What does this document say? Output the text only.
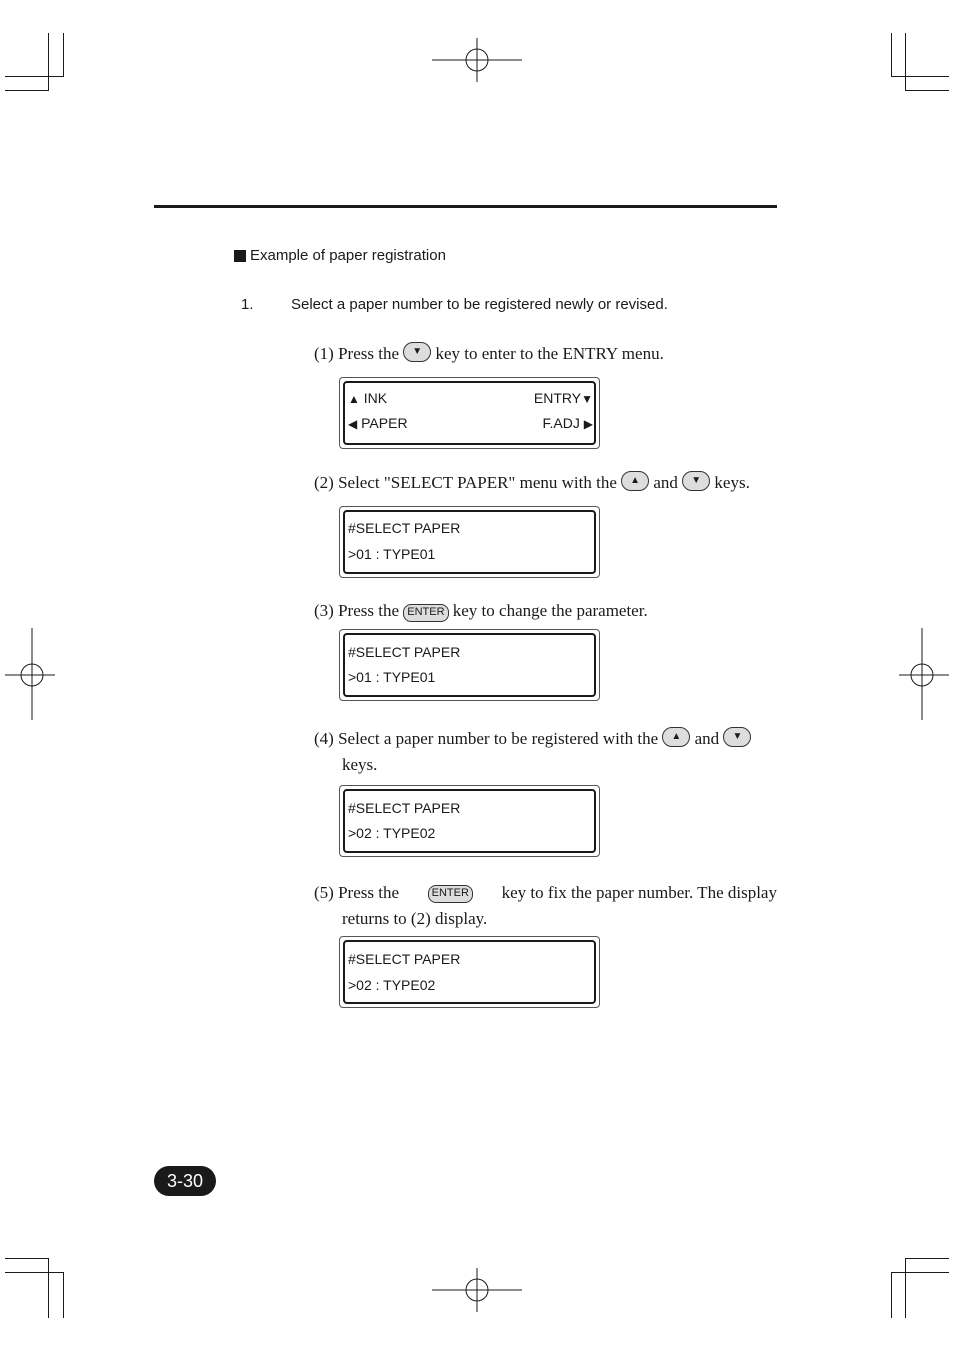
Example of paper registration
1. Select a paper number to be registered newly or revised.
(1) Press the ▼ key to enter to the ENTRY menu.
▲ INK	ENTRY▼
◀ PAPER	F.ADJ ▶
(2) Select "SELECT PAPER" menu with the ▲ and ▼ keys.
#SELECT PAPER
>01 : TYPE01
(3) Press the ENTER key to change the parameter.
#SELECT PAPER
>01 : TYPE01
(4) Select a paper number to be registered with the ▲ and ▼
keys.
#SELECT PAPER
>02 : TYPE02
(5) Press the	ENTER key to fix the paper number. The display
returns to (2) display.
#SELECT PAPER
>02 : TYPE02
3-30
